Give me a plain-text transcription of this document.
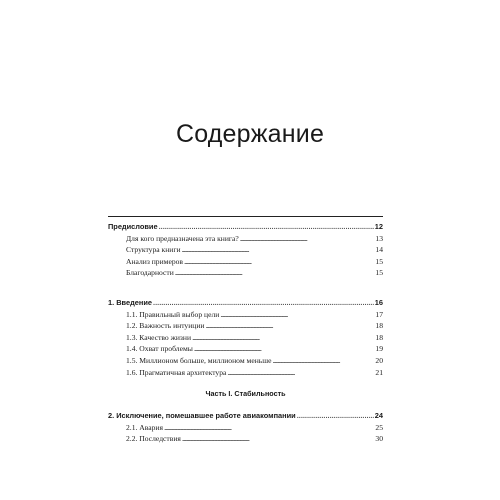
Содержание
Предисловие .....	12
Для кого предназначена эта книга? . . .	13
Структура книги . . .	14
Анализ примеров . . .	15
Благодарности . . .	15
1. Введение .....	16
1.1. Правильный выбор цели . . .	17
1.2. Важность интуиции . . .	18
1.3. Качество жизни . . .	18
1.4. Охват проблемы . . .	19
1.5. Миллионом больше, миллионом меньше . . .	20
1.6. Прагматичная архитектура . . .	21
Часть I. Стабильность
2. Исключение, помешавшее работе авиакомпании .....	24
2.1. Авария . . .	25
2.2. Последствия . . .	30
